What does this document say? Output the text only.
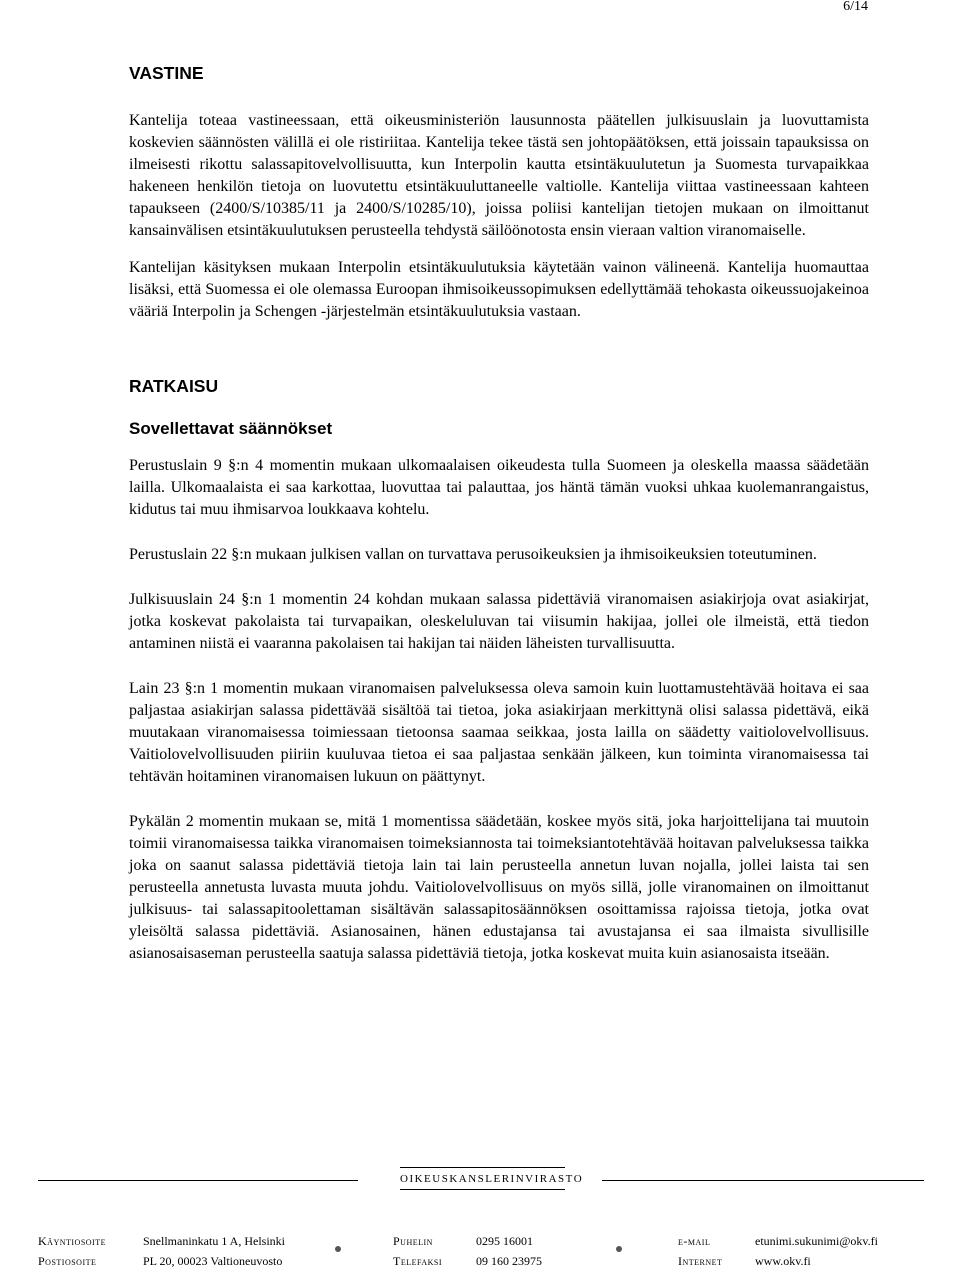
6/14
VASTINE

Kantelija toteaa vastineessaan, että oikeusministeriön lausunnosta päätellen julkisuuslain ja luovuttamista koskevien säännösten välillä ei ole ristiriitaa. Kantelija tekee tästä sen johtopäätöksen, että joissain tapauksissa on ilmeisesti rikottu salassapitovelvollisuutta, kun Interpolin kautta etsintäkuulutetun ja Suomesta turvapaikkaa hakeneen henkilön tietoja on luovutettu etsintäkuuluttaneelle valtiolle. Kantelija viittaa vastineessaan kahteen tapaukseen (2400/S/10385/11 ja 2400/S/10285/10), joissa poliisi kantelijan tietojen mukaan on ilmoittanut kansainvälisen etsintäkuulutuksen perusteella tehdystä säilöönotosta ensin vieraan valtion viranomaiselle.

Kantelijan käsityksen mukaan Interpolin etsintäkuulutuksia käytetään vainon välineenä. Kantelija huomauttaa lisäksi, että Suomessa ei ole olemassa Euroopan ihmisoikeussopimuksen edellyttämää tehokasta oikeussuojakeinoa vääriä Interpolin ja Schengen -järjestelmän etsintäkuulutuksia vastaan.

RATKAISU
Sovellettavat säännökset

Perustuslain 9 §:n 4 momentin mukaan ulkomaalaisen oikeudesta tulla Suomeen ja oleskella maassa säädetään lailla. Ulkomaalaista ei saa karkottaa, luovuttaa tai palauttaa, jos häntä tämän vuoksi uhkaa kuolemanrangaistus, kidutus tai muu ihmisarvoa loukkaava kohtelu.

Perustuslain 22 §:n mukaan julkisen vallan on turvattava perusoikeuksien ja ihmisoikeuksien toteutuminen.

Julkisuuslain 24 §:n 1 momentin 24 kohdan mukaan salassa pidettäviä viranomaisen asiakirjoja ovat asiakirjat, jotka koskevat pakolaista tai turvapaikan, oleskeluluvan tai viisumin hakijaa, jollei ole ilmeistä, että tiedon antaminen niistä ei vaaranna pakolaisen tai hakijan tai näiden läheisten turvallisuutta.

Lain 23 §:n 1 momentin mukaan viranomaisen palveluksessa oleva samoin kuin luottamustehtävää hoitava ei saa paljastaa asiakirjan salassa pidettävää sisältöä tai tietoa, joka asiakirjaan merkittynä olisi salassa pidettävä, eikä muutakaan viranomaisessa toimiessaan tietoonsa saamaa seikkaa, josta lailla on säädetty vaitiolovelvollisuus. Vaitiolovelvollisuuden piiriin kuuluvaa tietoa ei saa paljastaa senkään jälkeen, kun toiminta viranomaisessa tai tehtävän hoitaminen viranomaisen lukuun on päättynyt.

Pykälän 2 momentin mukaan se, mitä 1 momentissa säädetään, koskee myös sitä, joka harjoittelijana tai muutoin toimii viranomaisessa taikka viranomaisen toimeksiannosta tai toimeksiantotehtävää hoitavan palveluksessa taikka joka on saanut salassa pidettäviä tietoja lain tai lain perusteella annetun luvan nojalla, jollei laista tai sen perusteella annetusta luvasta muuta johdu. Vaitiolovelvollisuus on myös sillä, jolle viranomainen on ilmoittanut julkisuus- tai salassapitoolettaman sisältävän salassapitosäännöksen osoittamissa rajoissa tietoja, jotka ovat yleisöltä salassa pidettäviä. Asianosainen, hänen edustajansa tai avustajansa ei saa ilmaista sivullisille asianosaisaseman perusteella saatuja salassa pidettäviä tietoja, jotka koskevat muita kuin asianosaista itseään.

OIKEUSKANSLERINVIRASTO
Käyntiosoite	Snellmaninkatu 1 A, Helsinki
Postiosoite	PL 20, 00023 Valtioneuvosto
Puhelin	0295 16001
Telefaksi	09 160 23975
e-mail	etunimi.sukunimi@okv.fi
Internet	www.okv.fi
